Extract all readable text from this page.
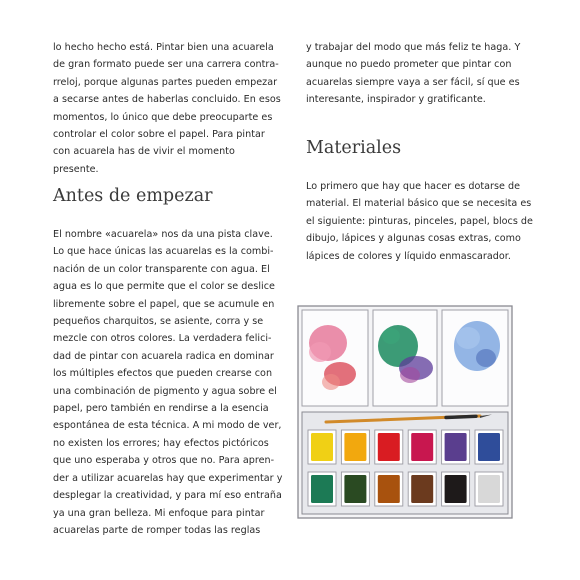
lo hecho hecho está. Pintar bien una acuarela de gran formato puede ser una carrera contra-rreloj, porque algunas partes pueden empezar a secarse antes de haberlas concluido. En esos momentos, lo único que debe preocuparte es controlar el color sobre el papel. Para pintar con acuarela has de vivir el momento presente.

Antes de empezar

El nombre «acuarela» nos da una pista clave. Lo que hace únicas las acuarelas es la combi-nación de un color transparente con agua. El agua es lo que permite que el color se deslice libremente sobre el papel, que se acumule en pequeños charquitos, se asiente, corra y se mezcle con otros colores. La verdadera felici-dad de pintar con acuarela radica en dominar los múltiples efectos que pueden crearse con una combinación de pigmento y agua sobre el papel, pero también en rendirse a la esencia espontánea de esta técnica. A mi modo de ver, no existen los errores; hay efectos pictóricos que uno esperaba y otros que no. Para apren-der a utilizar acuarelas hay que experimentar y desplegar la creatividad, y para mí eso entraña ya una gran belleza. Mi enfoque para pintar acuarelas parte de romper todas las reglas

y trabajar del modo que más feliz te haga. Y aunque no puedo prometer que pintar con acuarelas siempre vaya a ser fácil, sí que es interesante, inspirador y gratificante.

Materiales

Lo primero que hay que hacer es dotarse de material. El material básico que se necesita es el siguiente: pinturas, pinceles, papel, blocs de dibujo, lápices y algunas cosas extras, como lápices de colores y líquido enmascarador.
